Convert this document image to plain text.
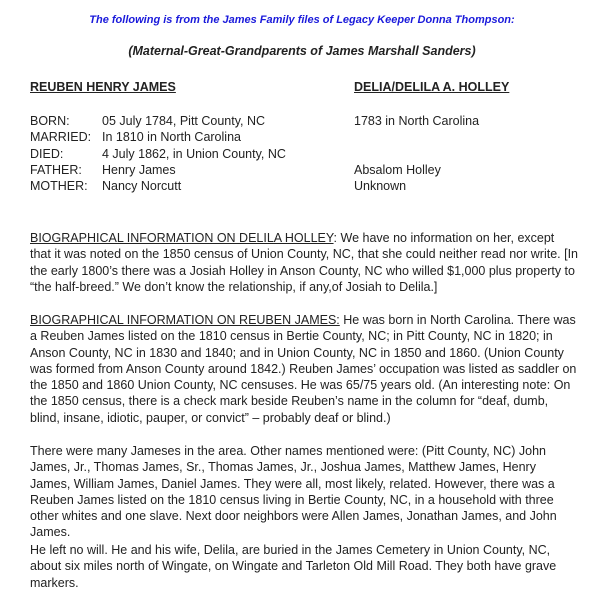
The following is from the James Family files of Legacy Keeper Donna Thompson:
(Maternal-Great-Grandparents of James Marshall Sanders)
REUBEN HENRY JAMES	DELIA/DELILA A. HOLLEY
BORN:	05 July 1784, Pitt County, NC	1783 in North Carolina
MARRIED: In 1810 in North Carolina
DIED:	4 July 1862, in Union County, NC
FATHER: Henry James	Absalom Holley
MOTHER: Nancy Norcutt	Unknown

BIOGRAPHICAL INFORMATION ON DELILA HOLLEY: We have no information on her, except that it was noted on the 1850 census of Union County, NC, that she could neither read nor write. [In the early 1800’s there was a Josiah Holley in Anson County, NC who willed $1,000 plus property to “the half-breed.” We don’t know the relationship, if any,of Josiah to Delila.]

BIOGRAPHICAL INFORMATION ON REUBEN JAMES: He was born in North Carolina. There was a Reuben James listed on the 1810 census in Bertie County, NC; in Pitt County, NC in 1820; in Anson County, NC in 1830 and 1840; and in Union County, NC in 1850 and 1860. (Union County was formed from Anson County around 1842.) Reuben James’ occupation was listed as saddler on the 1850 and 1860 Union County, NC censuses. He was 65/75 years old. (An interesting note: On the 1850 census, there is a check mark beside Reuben’s name in the column for “deaf, dumb, blind, insane, idiotic, pauper, or convict” – probably deaf or blind.)

There were many Jameses in the area. Other names mentioned were: (Pitt County, NC) John James, Jr., Thomas James, Sr., Thomas James, Jr., Joshua James, Matthew James, Henry James, William James, Daniel James. They were all, most likely, related. However, there was a Reuben James listed on the 1810 census living in Bertie County, NC, in a household with three other whites and one slave. Next door neighbors were Allen James, Jonathan James, and John James.

He left no will. He and his wife, Delila, are buried in the James Cemetery in Union County, NC, about six miles north of Wingate, on Wingate and Tarleton Old Mill Road. They both have grave markers.
